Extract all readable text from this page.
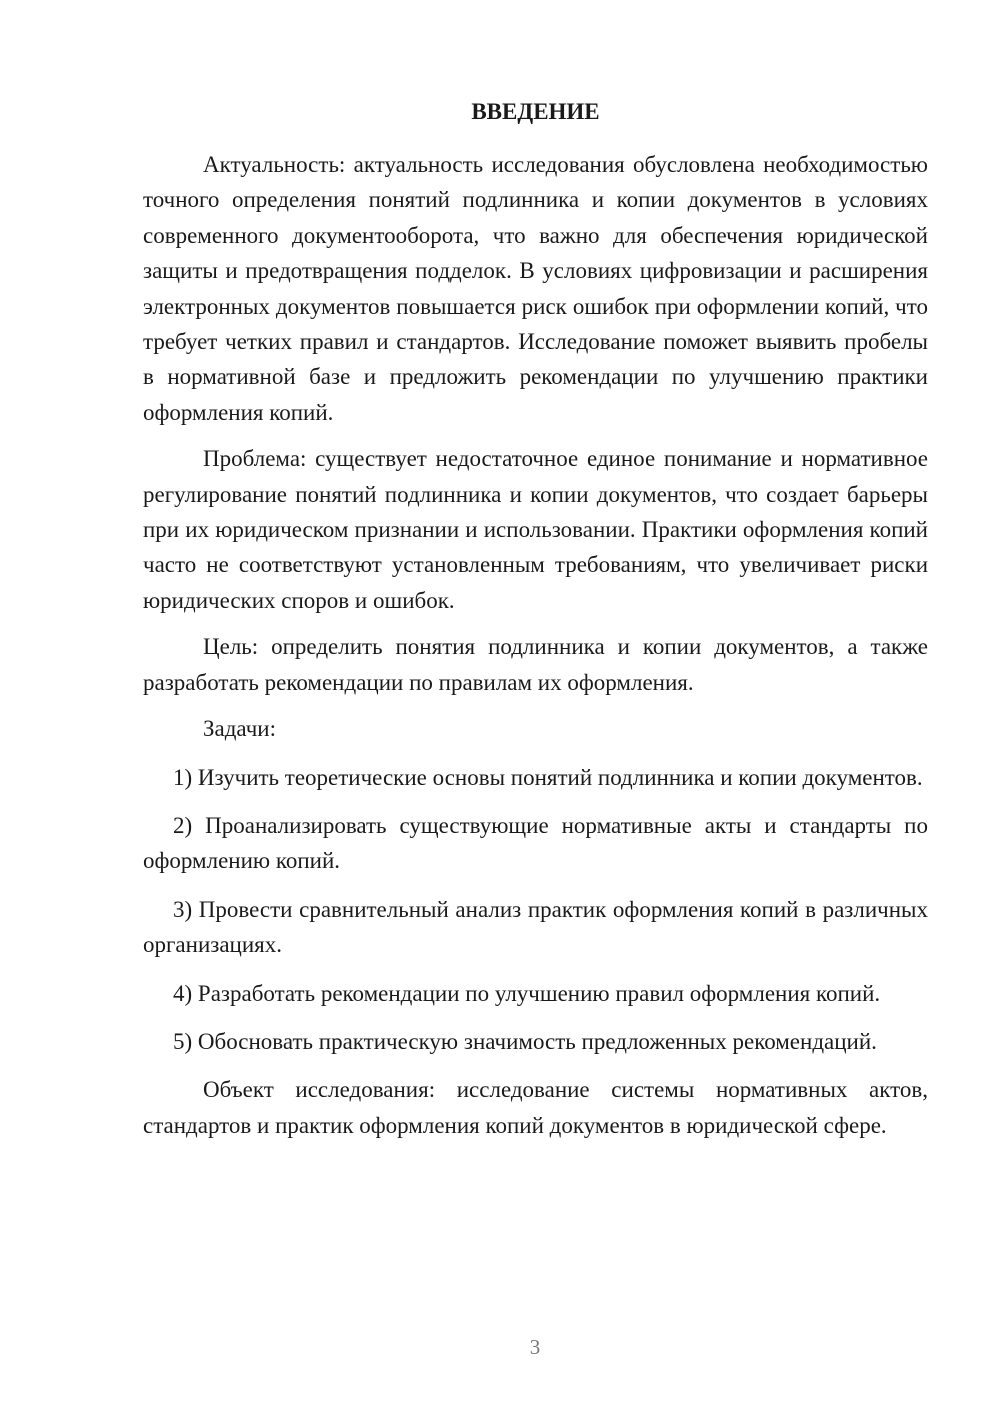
ВВЕДЕНИЕ

Актуальность: актуальность исследования обусловлена необходимостью точного определения понятий подлинника и копии документов в условиях современного документооборота, что важно для обеспечения юридической защиты и предотвращения подделок. В условиях цифровизации и расширения электронных документов повышается риск ошибок при оформлении копий, что требует четких правил и стандартов. Исследование поможет выявить пробелы в нормативной базе и предложить рекомендации по улучшению практики оформления копий.

Проблема: существует недостаточное единое понимание и нормативное регулирование понятий подлинника и копии документов, что создает барьеры при их юридическом признании и использовании. Практики оформления копий часто не соответствуют установленным требованиям, что увеличивает риски юридических споров и ошибок.

Цель: определить понятия подлинника и копии документов, а также разработать рекомендации по правилам их оформления.

Задачи:

1) Изучить теоретические основы понятий подлинника и копии документов.

2) Проанализировать существующие нормативные акты и стандарты по оформлению копий.

3) Провести сравнительный анализ практик оформления копий в различных организациях.

4) Разработать рекомендации по улучшению правил оформления копий.

5) Обосновать практическую значимость предложенных рекомендаций.

Объект исследования: исследование системы нормативных актов, стандартов и практик оформления копий документов в юридической сфере.

3
